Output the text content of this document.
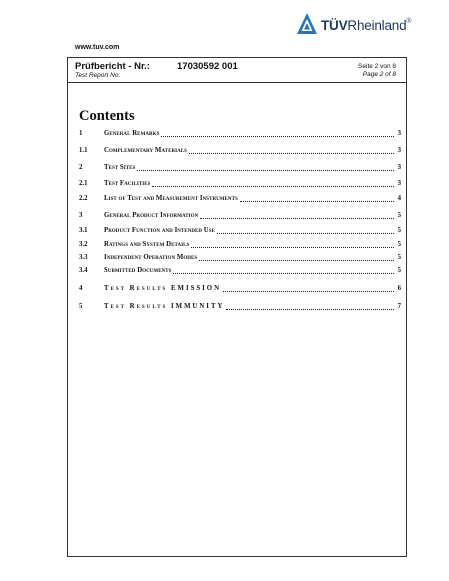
TÜVRheinland®
www.tuv.com
Prüfbericht - Nr.:	17030592 001
Test Report No.
Seite 2 von 8
Page 2 of 8
Contents
1	General Remarks	3
1.1 Complementary Materials	3
2	Test Sites	3
2.1 Test Facilities	3
2.2 List of Test and Measurement Instruments	4
3	General Product Information	5
3.1 Product Function and Intended Use	5
3.2 Ratings and System Details	5
3.3 Independent Operation Modes	5
3.4 Submitted Documents	5
4	Test Results EMISSION	6
5	Test Results IMMUNITY	7
